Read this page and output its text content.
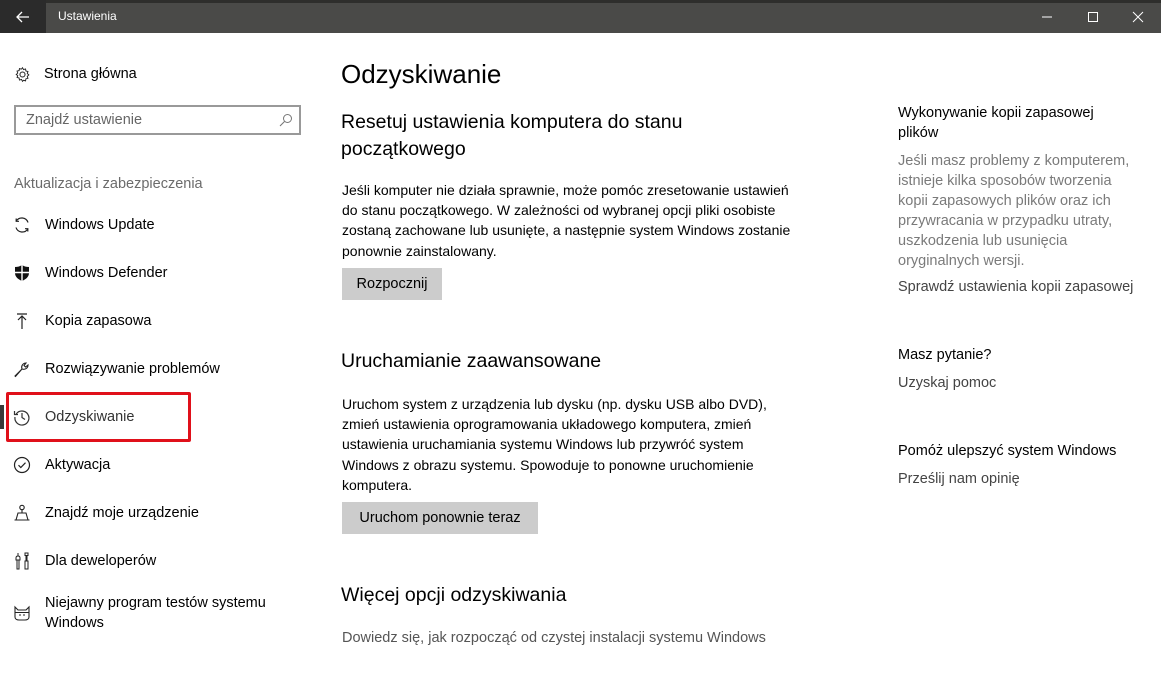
Ustawienia
Strona główna
Znajdź ustawienie
Aktualizacja i zabezpieczenia
Windows Update
Windows Defender
Kopia zapasowa
Rozwiązywanie problemów
Odzyskiwanie
Aktywacja
Znajdź moje urządzenie
Dla deweloperów
Niejawny program testów systemu Windows
Odzyskiwanie
Resetuj ustawienia komputera do stanu początkowego

Jeśli komputer nie działa sprawnie, może pomóc zresetowanie ustawień do stanu początkowego. W zależności od wybranej opcji pliki osobiste zostaną zachowane lub usunięte, a następnie system Windows zostanie ponownie zainstalowany.

Rozpocznij
Uruchamianie zaawansowane

Uruchom system z urządzenia lub dysku (np. dysku USB albo DVD), zmień ustawienia oprogramowania układowego komputera, zmień ustawienia uruchamiania systemu Windows lub przywróć system Windows z obrazu systemu. Spowoduje to ponowne uruchomienie komputera.

Uruchom ponownie teraz
Więcej opcji odzyskiwania
Dowiedz się, jak rozpocząć od czystej instalacji systemu Windows
Wykonywanie kopii zapasowej plików
Jeśli masz problemy z komputerem, istnieje kilka sposobów tworzenia kopii zapasowych plików oraz ich przywracania w przypadku utraty, uszkodzenia lub usunięcia oryginalnych wersji.
Sprawdź ustawienia kopii zapasowej
Masz pytanie?
Uzyskaj pomoc
Pomóż ulepszyć system Windows
Prześlij nam opinię
